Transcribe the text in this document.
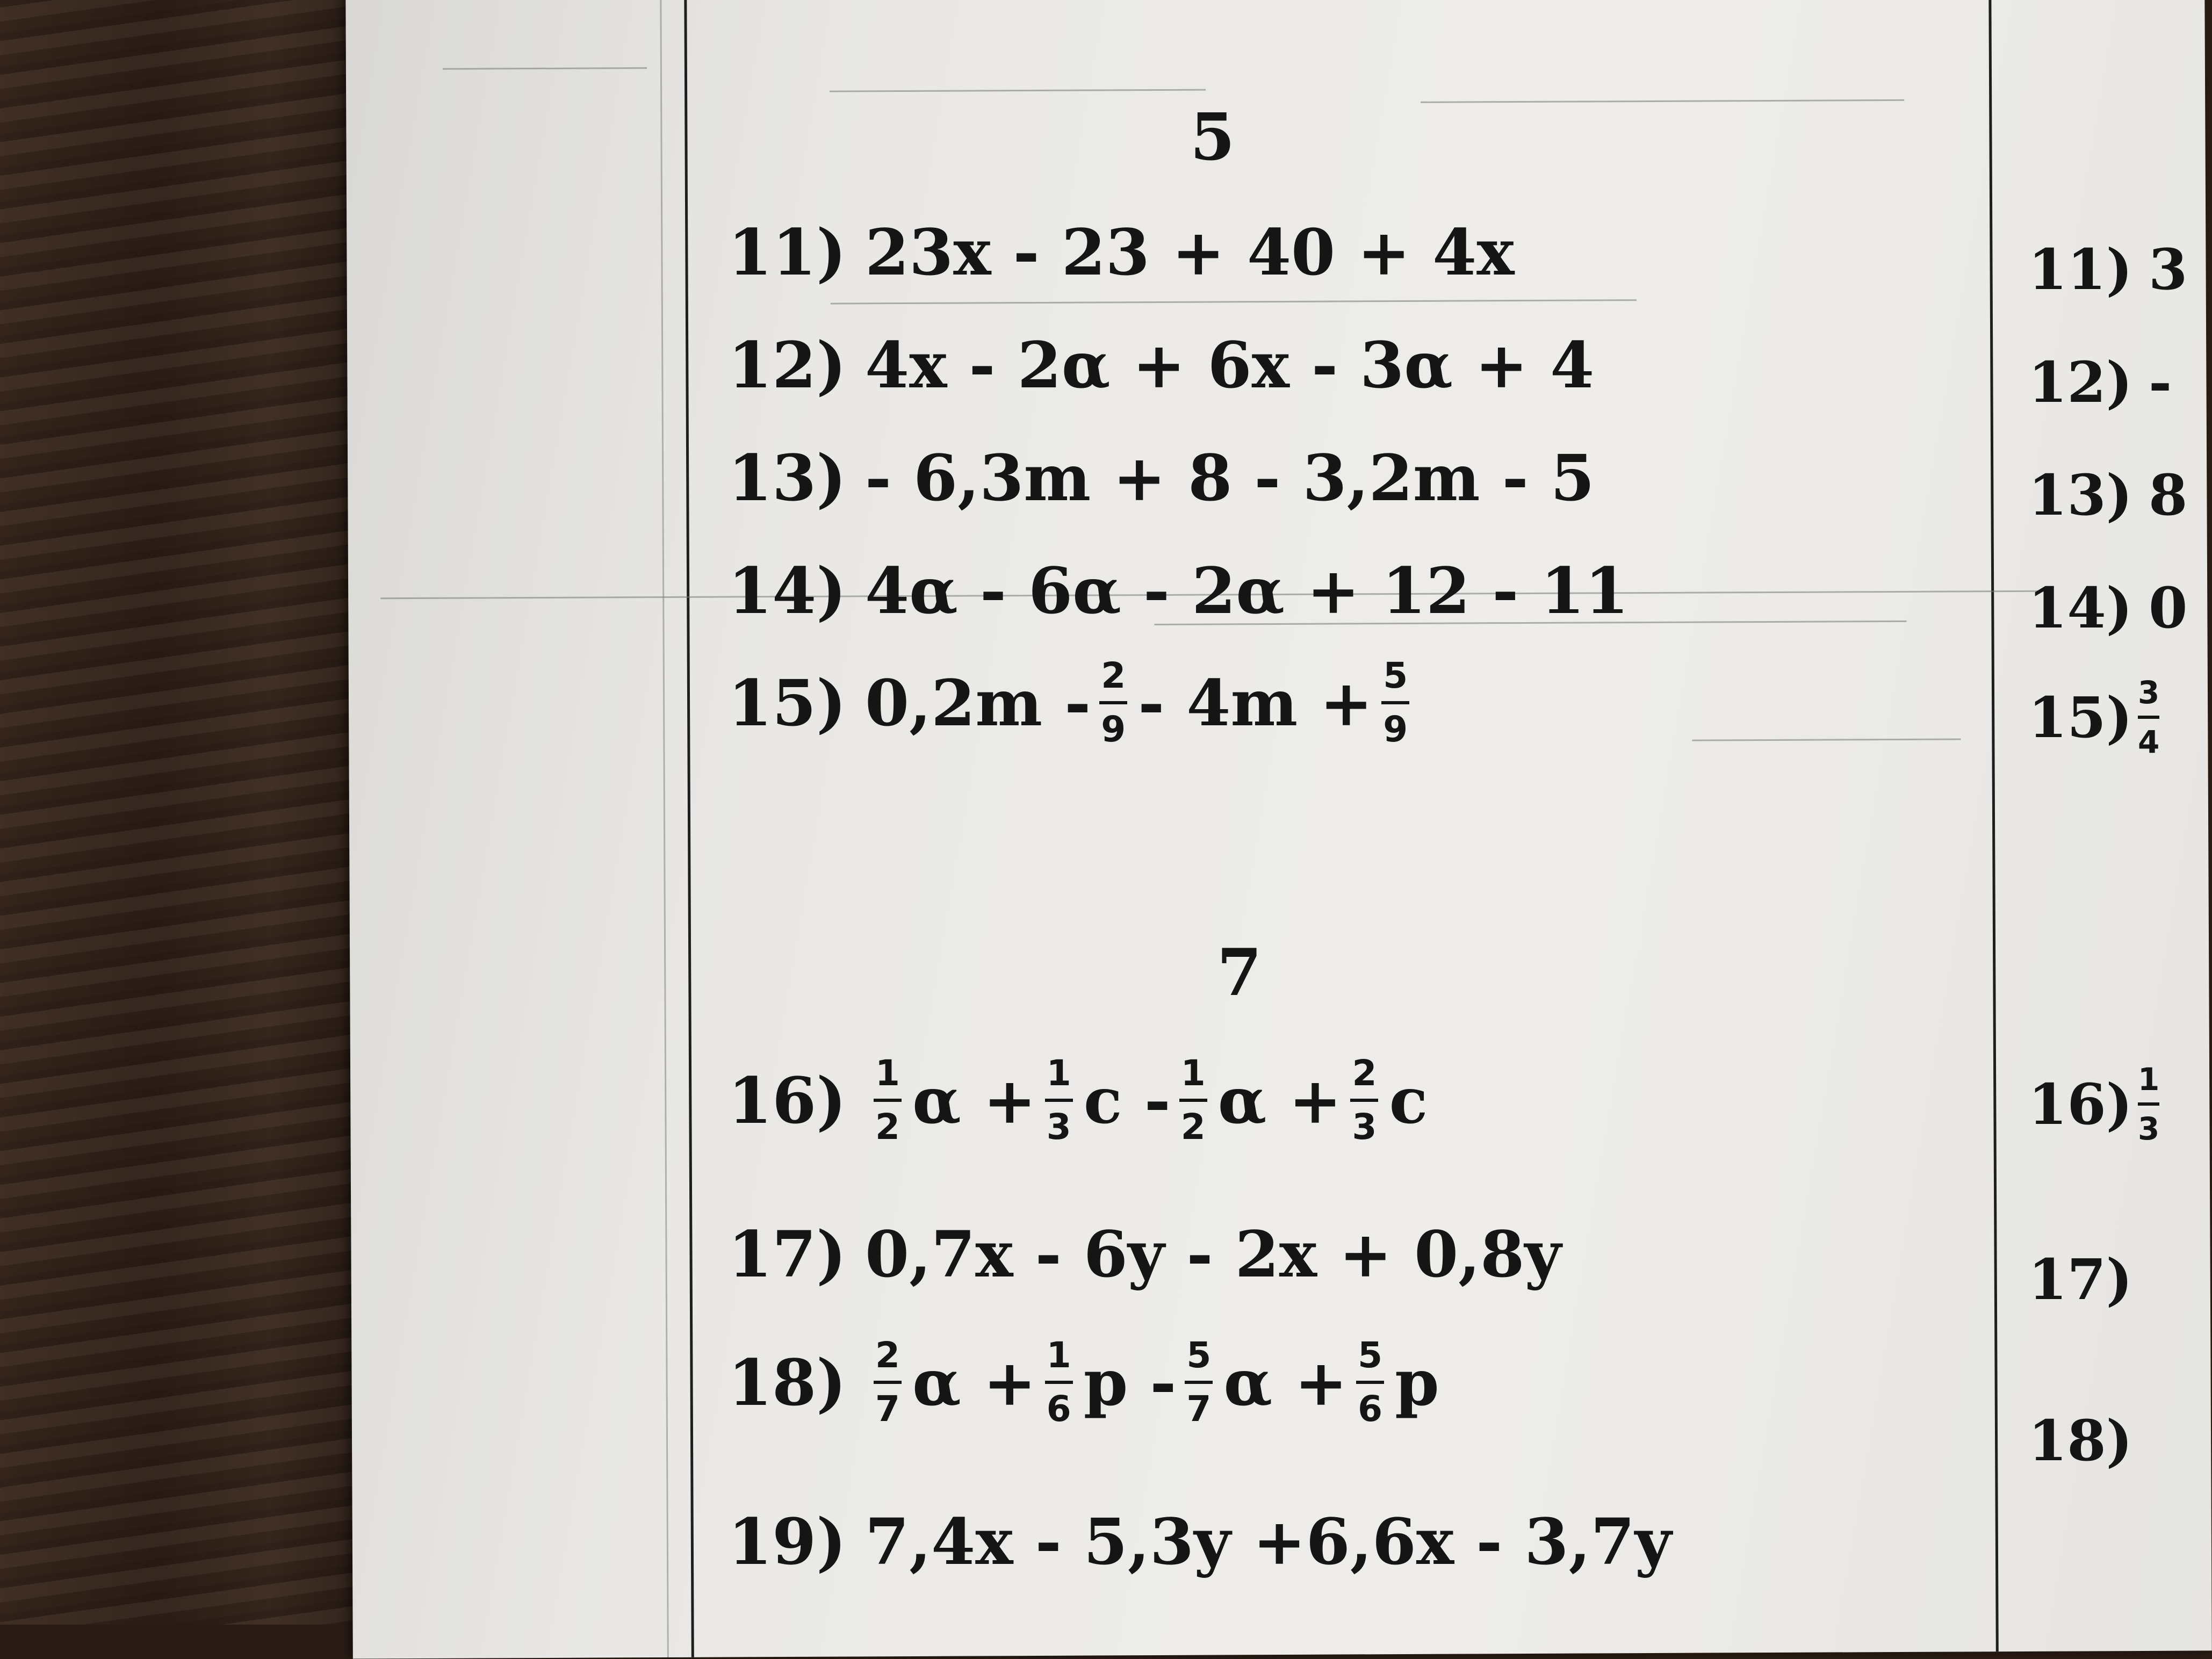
5
7
11) 23x - 23 + 40 + 4x
12) 4x - 2α + 6x - 3α + 4
13) - 6,3m + 8 - 3,2m - 5
14) 4α - 6α - 2α + 12 - 11
15) 0,2m - 2
9 - 4m + 5
9
16) 1
2 α + 1
3 c - 1
2 α + 2
3 c
17) 0,7x - 6y - 2x + 0,8y
18) 2
7 α + 1
6 p - 5
7 α + 5
6 p
19) 7,4x - 5,3y +6,6x - 3,7y
11) 3
12) -
13) 8
14) 0
15) 3
4
16) 1
3
17)
18)
